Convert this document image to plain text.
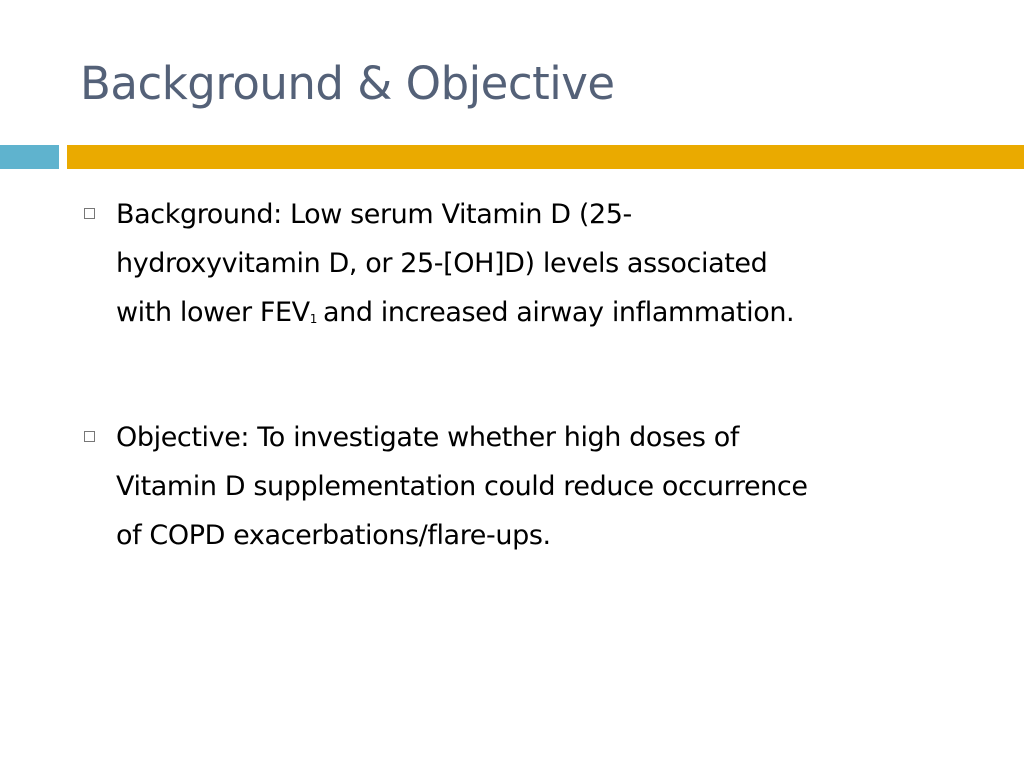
Background & Objective
Background: Low serum Vitamin D (25-
hydroxyvitamin D, or 25-[OH]D) levels associated
with lower $FEV_1$ and increased airway inflammation.
Objective: To investigate whether high doses of
Vitamin D supplementation could reduce occurrence
of COPD exacerbations/flare-ups.
